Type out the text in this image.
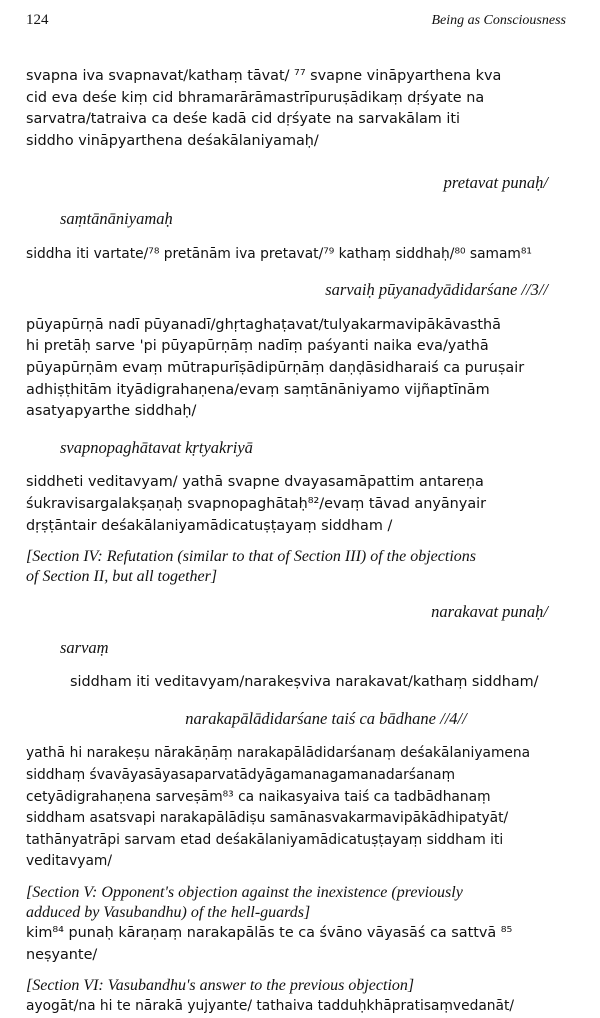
124	Being as Consciousness
svapna iva svapnavat/kathaṃ tāvat/ ⁷⁷ svapne vināpyarthena kva
cid eva deśe kiṃ cid bhramarārāmastrīpuruṣādikaṃ dṛśyate na
sarvatra/tatraiva ca deśe kadā cid dṛśyate na sarvakālam iti
siddho vināpyarthena deśakālaniyamaḥ/
pretavat punaḥ/
saṃtānāniyamaḥ
siddha iti vartate/⁷⁸ pretānām iva pretavat/⁷⁹ kathaṃ siddhaḥ/⁸⁰ samam⁸¹
sarvaiḥ pūyanadyādidarśane //3//
pūyapūrṇā nadī pūyanadī/ghṛtaghaṭavat/tulyakarmavipākāvasthā
hi pretāḥ sarve 'pi pūyapūrṇāṃ nadīṃ paśyanti naika eva/yathā
pūyapūrṇām evaṃ mūtrapurīṣādipūrṇāṃ daṇḍāsidharaiś ca puruṣair
adhiṣṭhitām ityādigrahaṇena/evaṃ saṃtānāniyamo vijñaptīnām
asatyapyarthe siddhaḥ/
svapnopaghātavat kṛtyakriyā
siddheti veditavyam/ yathā svapne dvayasamāpattim antareṇa
śukravisargalakṣaṇaḥ svapnopaghātaḥ⁸²/evaṃ tāvad anyānyair
dṛṣṭāntair deśakālaniyamādicatuṣṭayaṃ siddham /
[Section IV: Refutation (similar to that of Section III) of the objections
of Section II, but all together]
narakavat punaḥ/
sarvaṃ
siddham iti veditavyam/narakeṣviva narakavat/kathaṃ siddham/
narakapālādidarśane taiś ca bādhane //4//
yathā hi narakeṣu nārakāṇāṃ narakapālādidarśanaṃ deśakālaniyamena
siddhaṃ śvavāyasāyasaparvatādyāgamanagamanadarśanaṃ
cetyādigrahaṇena sarveṣām⁸³ ca naikasyaiva taiś ca tadbādhanaṃ
siddham asatsvapi narakapālādiṣu samānasvakarmavipākādhipatyāt/
tathānyatrāpi sarvam etad deśakālaniyamādicatuṣṭayaṃ siddham iti
veditavyam/
[Section V: Opponent's objection against the inexistence (previously
adduced by Vasubandhu) of the hell-guards]
kim⁸⁴ punaḥ kāraṇaṃ narakapālās te ca śvāno vāyasāś ca sattvā ⁸⁵
neṣyante/
[Section VI: Vasubandhu's answer to the previous objection]
ayogāt/na hi te nārakā yujyante/ tathaiva tadduḥkhāpratisaṃvedanāt/
